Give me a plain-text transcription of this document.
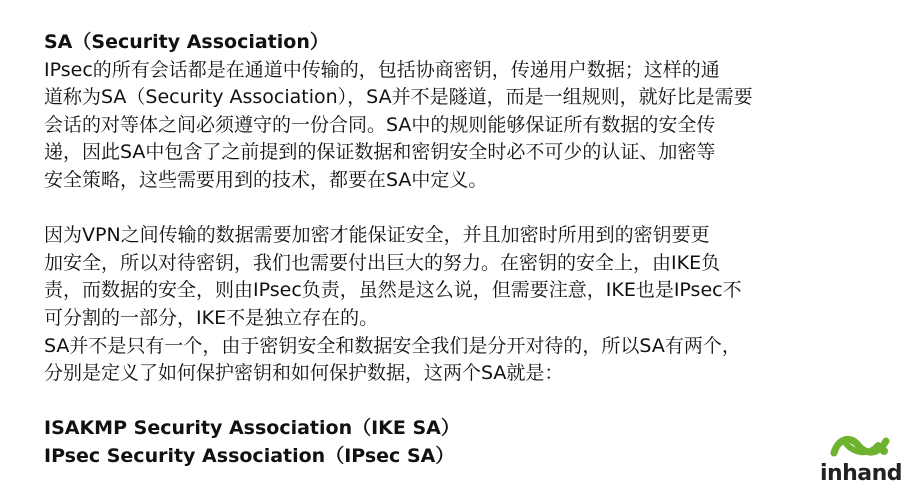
SA（Security Association）
IPsec的所有会话都是在通道中传输的，包括协商密钥，传递用户数据；这样的通
道称为SA（Security Association），SA并不是隧道，而是一组规则，就好比是需要
会话的对等体之间必须遵守的一份合同。SA中的规则能够保证所有数据的安全传
递，因此SA中包含了之前提到的保证数据和密钥安全时必不可少的认证、加密等
安全策略，这些需要用到的技术，都要在SA中定义。
因为VPN之间传输的数据需要加密才能保证安全，并且加密时所用到的密钥要更
加安全，所以对待密钥，我们也需要付出巨大的努力。在密钥的安全上，由IKE负
责，而数据的安全，则由IPsec负责，虽然是这么说，但需要注意，IKE也是IPsec不
可分割的一部分，IKE不是独立存在的。
SA并不是只有一个，由于密钥安全和数据安全我们是分开对待的，所以SA有两个，
分别是定义了如何保护密钥和如何保护数据，这两个SA就是：
ISAKMP Security Association（IKE SA）
IPsec Security Association（IPsec SA）
inhand
